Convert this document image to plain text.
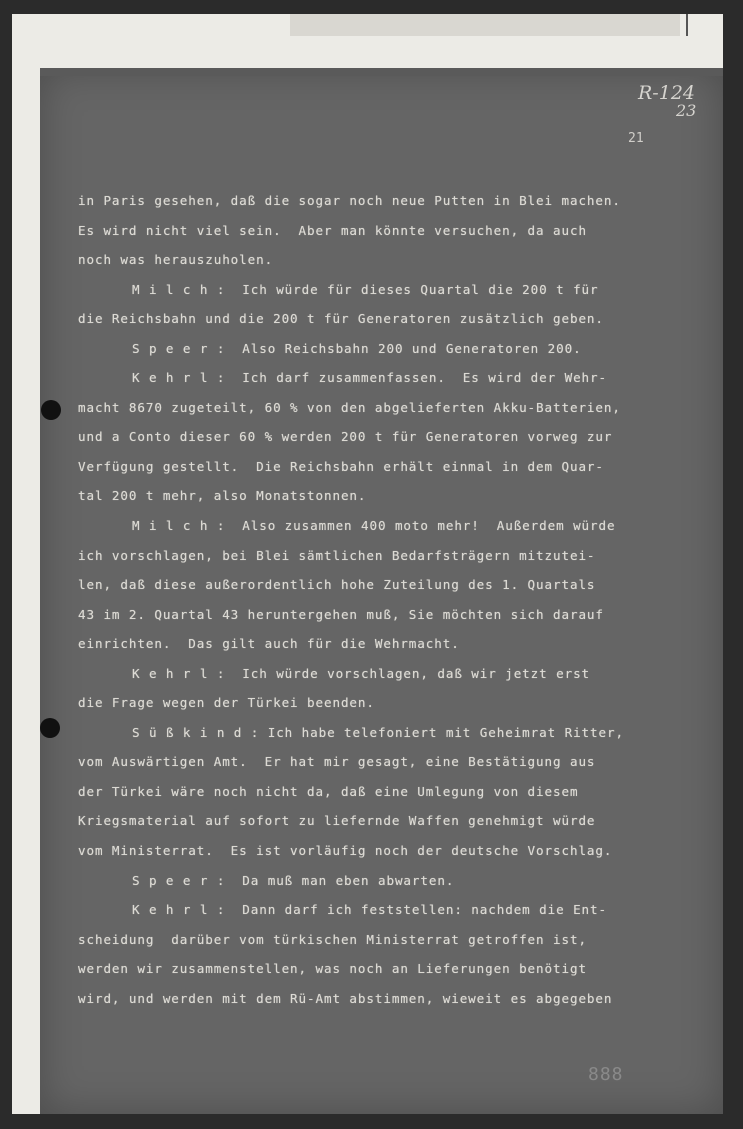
R-124
23
21
in Paris gesehen, daß die sogar noch neue Putten in Blei machen.
Es wird nicht viel sein.  Aber man könnte versuchen, da auch
noch was herauszuholen.
M i l c h :  Ich würde für dieses Quartal die 200 t für
die Reichsbahn und die 200 t für Generatoren zusätzlich geben.
S p e e r :  Also Reichsbahn 200 und Generatoren 200.
K e h r l :  Ich darf zusammenfassen.  Es wird der Wehr-
macht 8670 zugeteilt, 60 % von den abgelieferten Akku-Batterien,
und a Conto dieser 60 % werden 200 t für Generatoren vorweg zur
Verfügung gestellt.  Die Reichsbahn erhält einmal in dem Quar-
tal 200 t mehr, also Monatstonnen.
M i l c h :  Also zusammen 400 moto mehr!  Außerdem würde
ich vorschlagen, bei Blei sämtlichen Bedarfsträgern mitzutei-
len, daß diese außerordentlich hohe Zuteilung des 1. Quartals
43 im 2. Quartal 43 heruntergehen muß, Sie möchten sich darauf
einrichten.  Das gilt auch für die Wehrmacht.
K e h r l :  Ich würde vorschlagen, daß wir jetzt erst
die Frage wegen der Türkei beenden.
S ü ß k i n d : Ich habe telefoniert mit Geheimrat Ritter,
vom Auswärtigen Amt.  Er hat mir gesagt, eine Bestätigung aus
der Türkei wäre noch nicht da, daß eine Umlegung von diesem
Kriegsmaterial auf sofort zu liefernde Waffen genehmigt würde
vom Ministerrat.  Es ist vorläufig noch der deutsche Vorschlag.
S p e e r :  Da muß man eben abwarten.
K e h r l :  Dann darf ich feststellen: nachdem die Ent-
scheidung  darüber vom türkischen Ministerrat getroffen ist,
werden wir zusammenstellen, was noch an Lieferungen benötigt
wird, und werden mit dem Rü-Amt abstimmen, wieweit es abgegeben
888
